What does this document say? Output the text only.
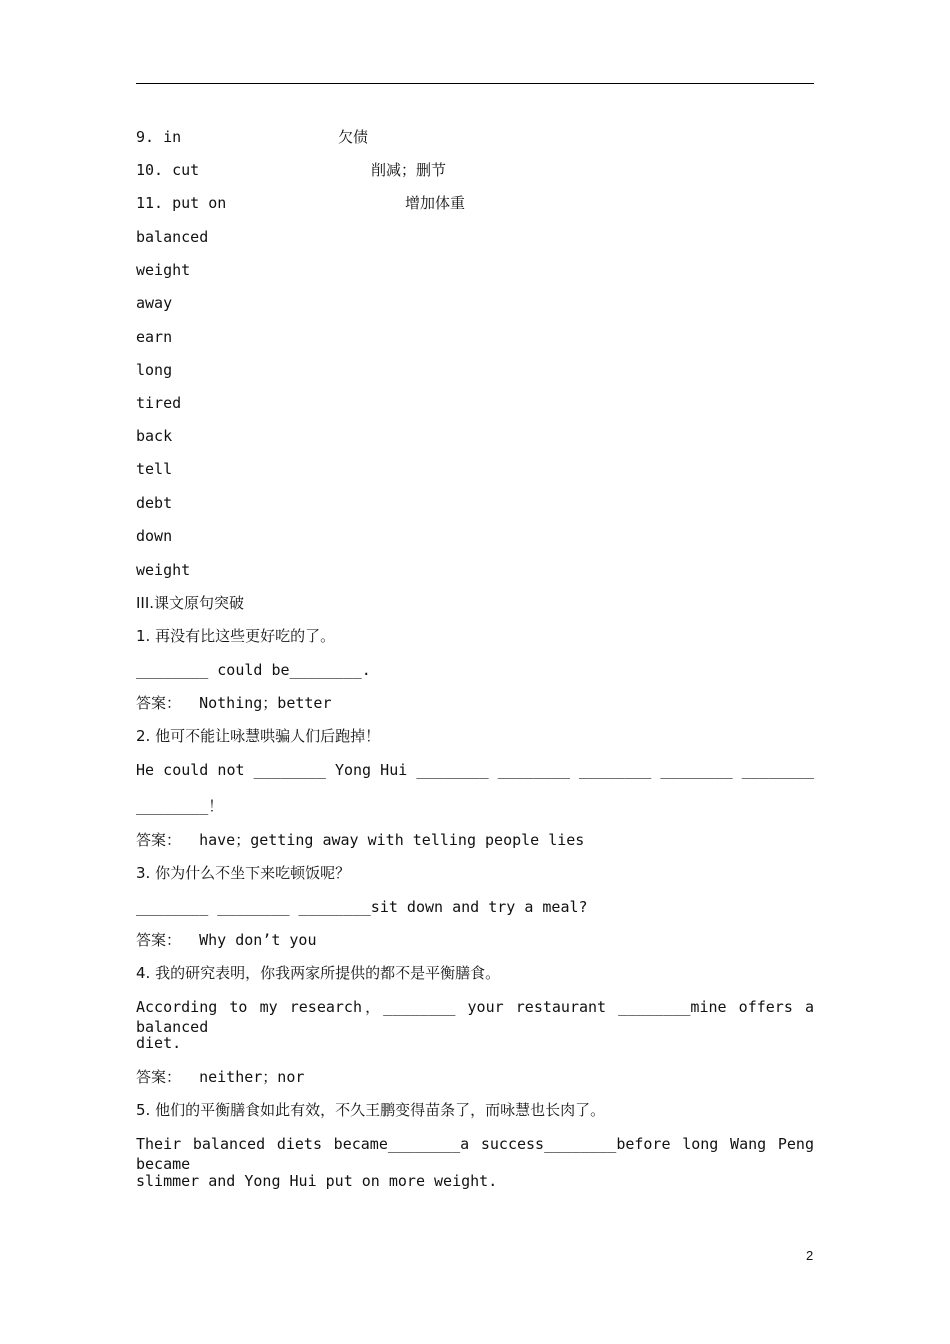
9. in	欠债
10. cut	削减；删节
11. put on	增加体重
balanced
weight
away
earn
long
tired
back
tell
debt
down
weight
III.课文原句突破
1. 再没有比这些更好吃的了。
________ could be________.
答案： Nothing；better
2. 他可不能让咏慧哄骗人们后跑掉！
He could not ________ Yong Hui ________ ________ ________ ________ ________
________！
答案： have；getting away with telling people lies
3. 你为什么不坐下来吃顿饭呢？
________ ________ ________sit down and try a meal?
答案： Why don’t you
4. 我的研究表明，你我两家所提供的都不是平衡膳食。
According to my research，________ your restaurant ________mine offers a balanced
diet.
答案： neither；nor
5. 他们的平衡膳食如此有效，不久王鹏变得苗条了，而咏慧也长肉了。
Their balanced diets became________a success________before long Wang Peng became
slimmer and Yong Hui put on more weight.
2
